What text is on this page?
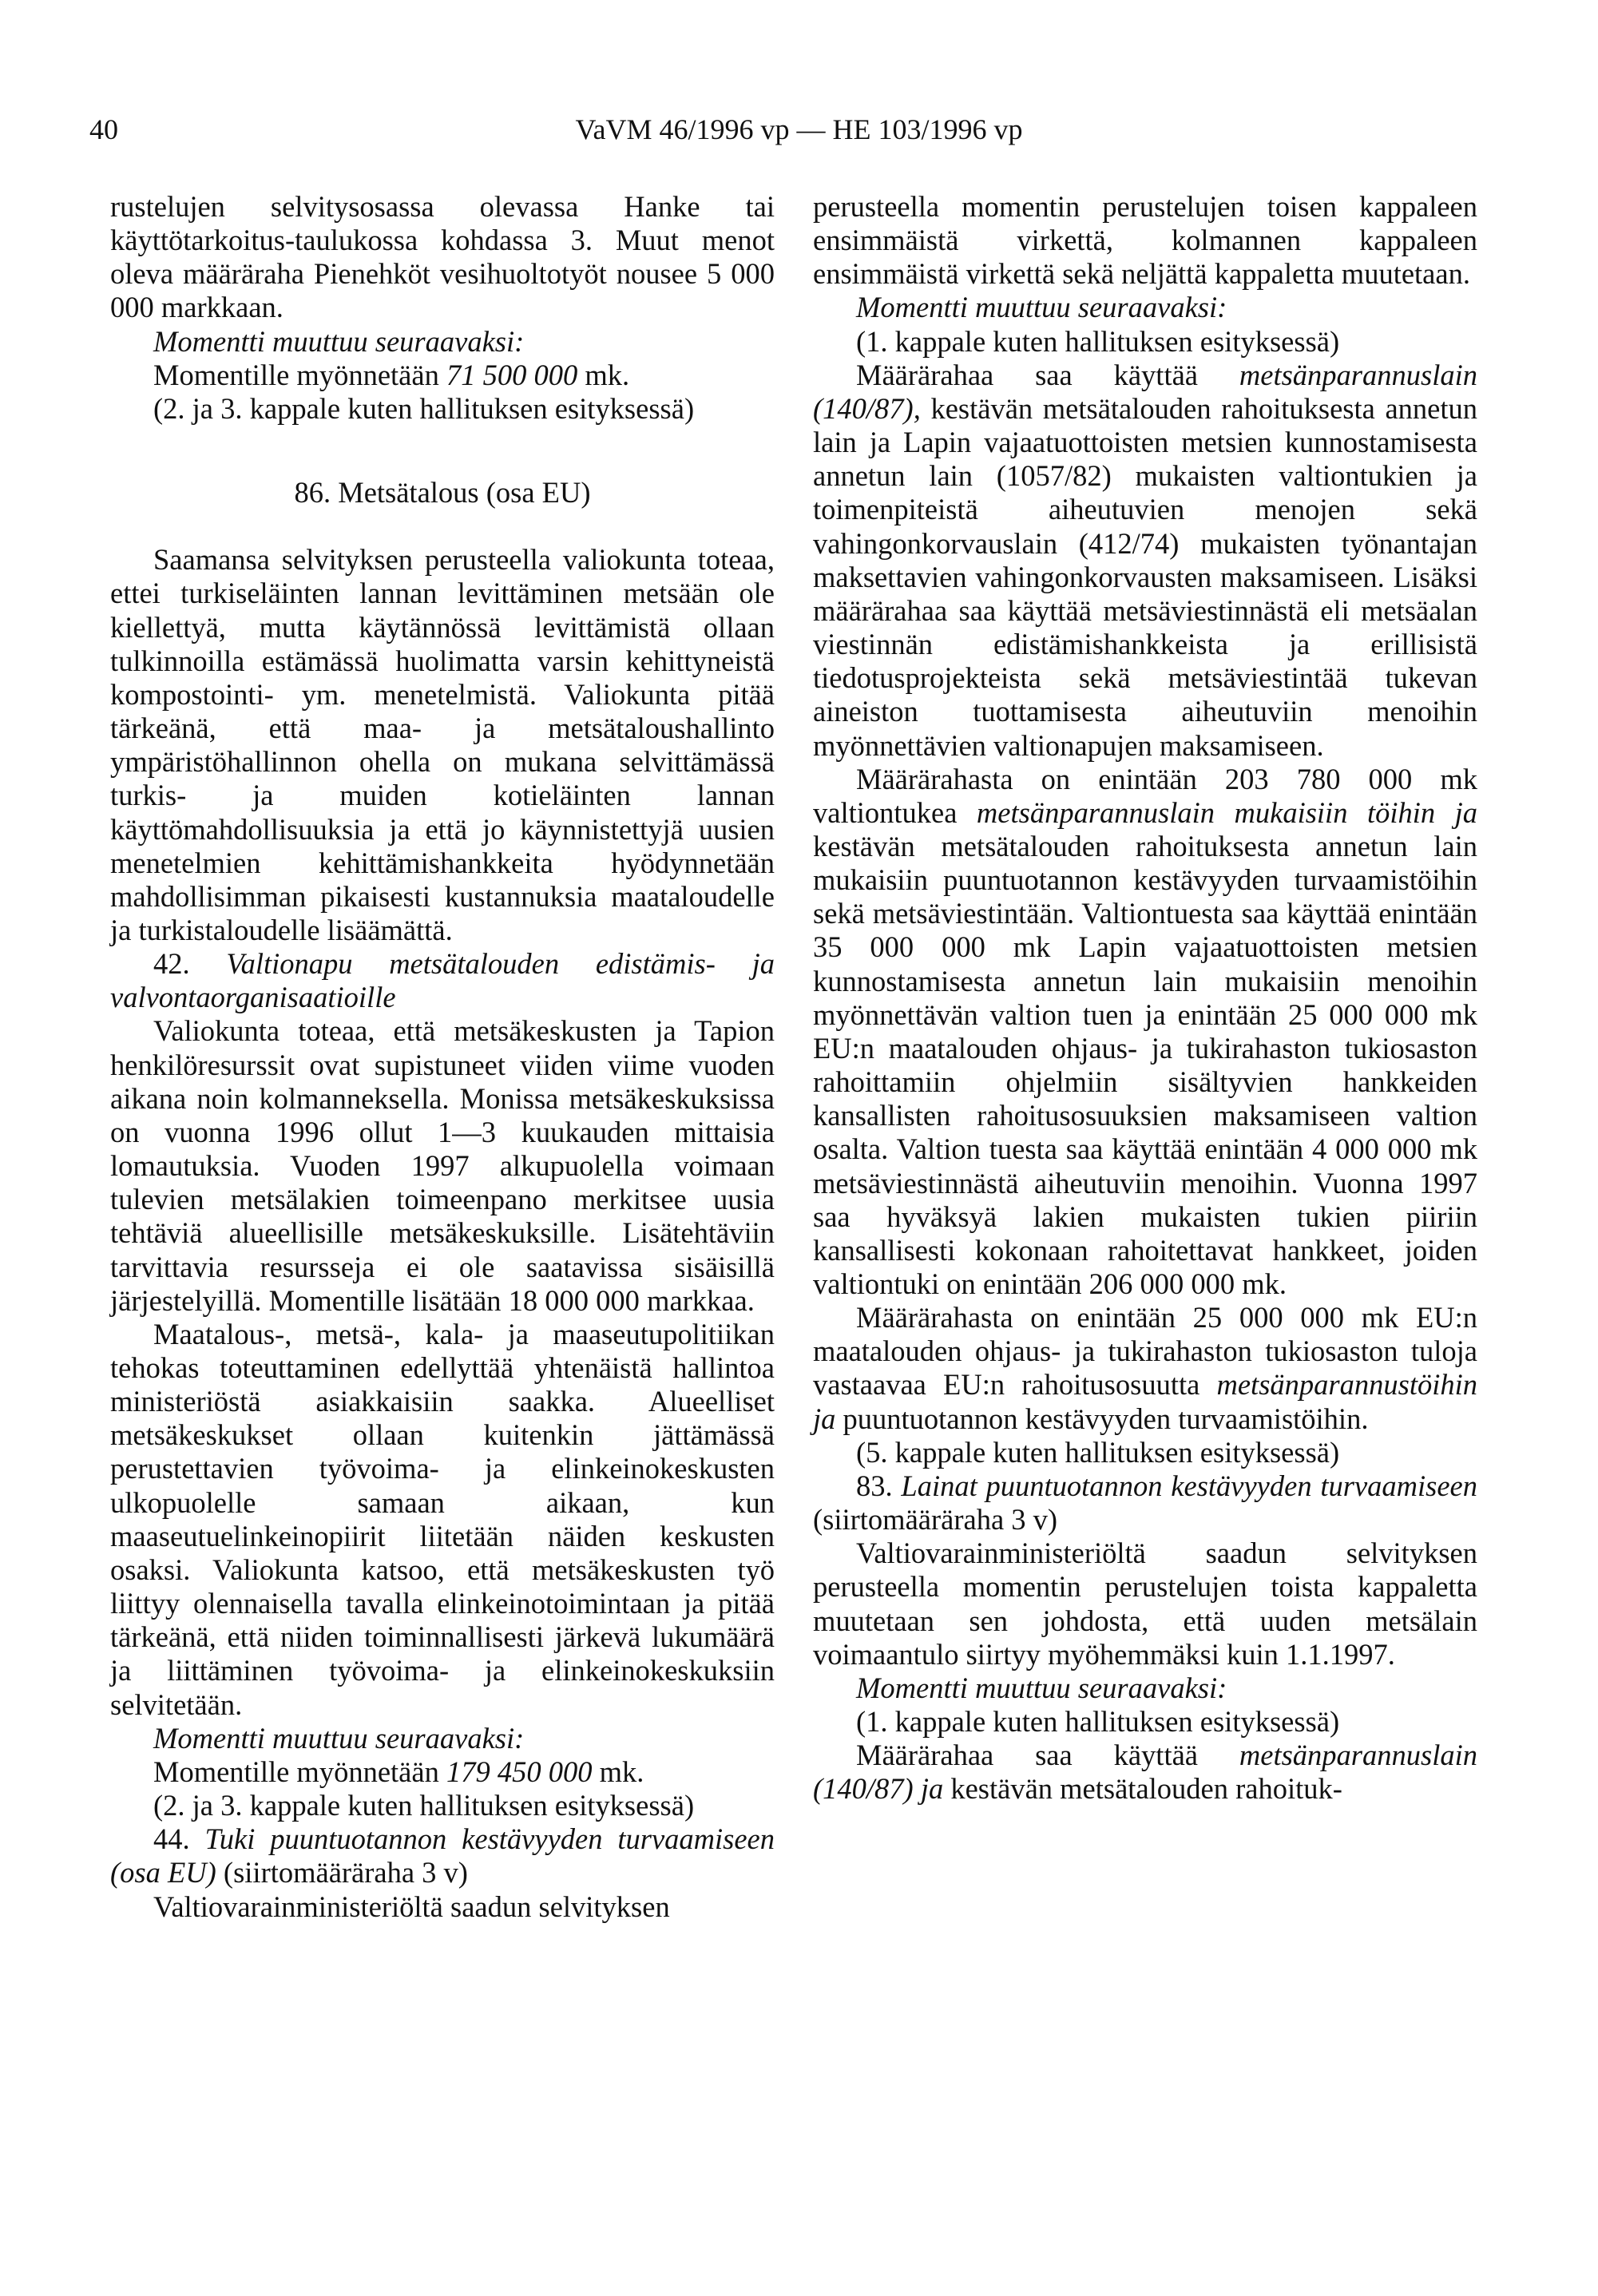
40	VaVM 46/1996 vp — HE 103/1996 vp

rustelujen selvitysosassa olevassa Hanke tai käyttötarkoitus-taulukossa kohdassa 3. Muut menot oleva määräraha Pienehköt vesihuoltotyöt nousee 5 000 000 markkaan.

Momentti muuttuu seuraavaksi:

Momentille myönnetään 71 500 000 mk.

(2. ja 3. kappale kuten hallituksen esityksessä)

86. Metsätalous (osa EU)

Saamansa selvityksen perusteella valiokunta toteaa, ettei turkiseläinten lannan levittäminen metsään ole kiellettyä, mutta käytännössä levittämistä ollaan tulkinnoilla estämässä huolimatta varsin kehittyneistä kompostointi- ym. menetelmistä. Valiokunta pitää tärkeänä, että maa- ja metsätaloushallinto ympäristöhallinnon ohella on mukana selvittämässä turkis- ja muiden kotieläinten lannan käyttömahdollisuuksia ja että jo käynnistettyjä uusien menetelmien kehittämishankkeita hyödynnetään mahdollisimman pikaisesti kustannuksia maataloudelle ja turkistaloudelle lisäämättä.

42. Valtionapu metsätalouden edistämis- ja valvontaorganisaatioille

Valiokunta toteaa, että metsäkeskusten ja Tapion henkilöresurssit ovat supistuneet viiden viime vuoden aikana noin kolmanneksella. Monissa metsäkeskuksissa on vuonna 1996 ollut 1—3 kuukauden mittaisia lomautuksia. Vuoden 1997 alkupuolella voimaan tulevien metsälakien toimeenpano merkitsee uusia tehtäviä alueellisille metsäkeskuksille. Lisätehtäviin tarvittavia resursseja ei ole saatavissa sisäisillä järjestelyillä. Momentille lisätään 18 000 000 markkaa.

Maatalous-, metsä-, kala- ja maaseutupolitiikan tehokas toteuttaminen edellyttää yhtenäistä hallintoa ministeriöstä asiakkaisiin saakka. Alueelliset metsäkeskukset ollaan kuitenkin jättämässä perustettavien työvoima- ja elinkeinokeskusten ulkopuolelle samaan aikaan, kun maaseutuelinkeinopiirit liitetään näiden keskusten osaksi. Valiokunta katsoo, että metsäkeskusten työ liittyy olennaisella tavalla elinkeinotoimintaan ja pitää tärkeänä, että niiden toiminnallisesti järkevä lukumäärä ja liittäminen työvoima- ja elinkeinokeskuksiin selvitetään.

Momentti muuttuu seuraavaksi:

Momentille myönnetään 179 450 000 mk.

(2. ja 3. kappale kuten hallituksen esityksessä)

44. Tuki puuntuotannon kestävyyden turvaamiseen (osa EU) (siirtomääräraha 3 v)

Valtiovarainministeriöltä saadun selvityksen

perusteella momentin perustelujen toisen kappaleen ensimmäistä virkettä, kolmannen kappaleen ensimmäistä virkettä sekä neljättä kappaletta muutetaan.

Momentti muuttuu seuraavaksi:

(1. kappale kuten hallituksen esityksessä)

Määrärahaa saa käyttää metsänparannuslain (140/87), kestävän metsätalouden rahoituksesta annetun lain ja Lapin vajaatuottoisten metsien kunnostamisesta annetun lain (1057/82) mukaisten valtiontukien ja toimenpiteistä aiheutuvien menojen sekä vahingonkorvauslain (412/74) mukaisten työnantajan maksettavien vahingonkorvausten maksamiseen. Lisäksi määrärahaa saa käyttää metsäviestinnästä eli metsäalan viestinnän edistämishankkeista ja erillisistä tiedotusprojekteista sekä metsäviestintää tukevan aineiston tuottamisesta aiheutuviin menoihin myönnettävien valtionapujen maksamiseen.

Määrärahasta on enintään 203 780 000 mk valtiontukea metsänparannuslain mukaisiin töihin ja kestävän metsätalouden rahoituksesta annetun lain mukaisiin puuntuotannon kestävyyden turvaamistöihin sekä metsäviestintään. Valtiontuesta saa käyttää enintään 35 000 000 mk Lapin vajaatuottoisten metsien kunnostamisesta annetun lain mukaisiin menoihin myönnettävän valtion tuen ja enintään 25 000 000 mk EU:n maatalouden ohjaus- ja tukirahaston tukiosaston rahoittamiin ohjelmiin sisältyvien hankkeiden kansallisten rahoitusosuuksien maksamiseen valtion osalta. Valtion tuesta saa käyttää enintään 4 000 000 mk metsäviestinnästä aiheutuviin menoihin. Vuonna 1997 saa hyväksyä lakien mukaisten tukien piiriin kansallisesti kokonaan rahoitettavat hankkeet, joiden valtiontuki on enintään 206 000 000 mk.

Määrärahasta on enintään 25 000 000 mk EU:n maatalouden ohjaus- ja tukirahaston tukiosaston tuloja vastaavaa EU:n rahoitusosuutta metsänparannustöihin ja puuntuotannon kestävyyden turvaamistöihin.

(5. kappale kuten hallituksen esityksessä)

83. Lainat puuntuotannon kestävyyden turvaamiseen (siirtomääräraha 3 v)

Valtiovarainministeriöltä saadun selvityksen perusteella momentin perustelujen toista kappaletta muutetaan sen johdosta, että uuden metsälain voimaantulo siirtyy myöhemmäksi kuin 1.1.1997.

Momentti muuttuu seuraavaksi:

(1. kappale kuten hallituksen esityksessä)

Määrärahaa saa käyttää metsänparannuslain (140/87) ja kestävän metsätalouden rahoituk-
